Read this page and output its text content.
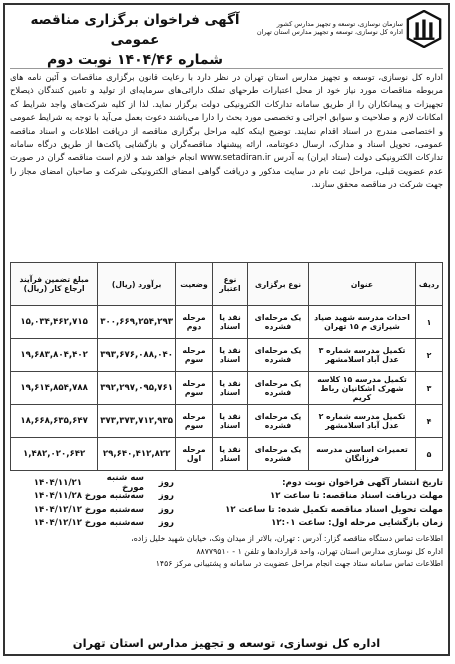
سازمان نوسازی، توسعه و تجهیز مدارس کشور
اداره کل نوسازی، توسعه و تجهیز مدارس استان تهران
آگهی فراخوان برگزاری مناقصه عمومی
شماره ۱۴۰۴/۴۶ نوبت دوم
اداره کل نوسازی، توسعه و تجهیز مدارس استان تهران در نظر دارد با رعایت قانون برگزاری مناقصات و آئین نامه های مربوطه مناقصات مورد نیاز خود از محل اعتبارات طرحهای تملک دارائی‌های سرمایه‌ای از تولید و تامین کنندگان ذیصلاح تجهیزات و پیمانکاران را از طریق سامانه تدارکات الکترونیکی دولت برگزار نماید. لذا از کلیه شرکت‌های واجد شرایط که امکانات لازم و صلاحیت و سوابق اجرائی و تخصصی مورد بحث را دارا می‌باشند دعوت بعمل می‌آید با توجه به شرایط عمومی و اختصاصی مندرج در اسناد اقدام نمایند. توضیح اینکه کلیه مراحل برگزاری مناقصه از دریافت اطلاعات و اسناد مناقصه عمومی، تحویل اسناد و مدارک، ارسال دعوتنامه، ارائه پیشنهاد مناقصه‌گران و بازگشایی پاکت‌ها از طریق درگاه سامانه تدارکات الکترونیکی دولت (ستاد ایران) به آدرس www.setadiran.ir انجام خواهد شد و لازم است مناقصه گران در صورت عدم عضویت قبلی، مراحل ثبت نام در سایت مذکور و دریافت گواهی امضای الکترونیکی شرکت و صاحبان امضای مجاز را جهت شرکت در مناقصه محقق سازند.
ردیف	عنوان	نوع برگزاری	نوع اعتبار	وضعیت	برآورد (ریال)	مبلغ تضمین فرآیند ارجاع کار (ریال)
۱	احداث مدرسه شهید صیاد شیرازی م ۱۵ تهران	یک مرحله‌ای فشرده	نقد یا اسناد	مرحله دوم	۳۰۰,۶۶۹,۲۵۴,۲۹۳	۱۵,۰۳۴,۴۶۲,۷۱۵
۲	تکمیل مدرسه شماره ۳ عدل آباد اسلامشهر	یک مرحله‌ای فشرده	نقد یا اسناد	مرحله سوم	۳۹۳,۶۷۶,۰۸۸,۰۴۰	۱۹,۶۸۳,۸۰۴,۴۰۲
۳	تکمیل مدرسه ۱۵ کلاسه شهرک اشکانیان رباط کریم	یک مرحله‌ای فشرده	نقد یا اسناد	مرحله سوم	۳۹۲,۲۹۷,۰۹۵,۷۶۱	۱۹,۶۱۴,۸۵۴,۷۸۸
۴	تکمیل مدرسه شماره ۲ عدل آباد اسلامشهر	یک مرحله‌ای فشرده	نقد یا اسناد	مرحله سوم	۳۷۳,۳۷۳,۷۱۲,۹۳۵	۱۸,۶۶۸,۶۳۵,۶۴۷
۵	تعمیرات اساسی مدرسه فرزانگان	یک مرحله‌ای فشرده	نقد یا اسناد	مرحله اول	۲۹,۶۴۰,۴۱۲,۸۲۲	۱,۴۸۲,۰۲۰,۶۴۲
تاریخ انتشار آگهی فراخوان نوبت دوم:
روز
سه شنبه مورخ
۱۴۰۴/۱۱/۲۱
مهلت دریافت اسناد مناقصه: تا ساعت ۱۲
روز
سه‌شنبه مورخ
۱۴۰۴/۱۱/۲۸
مهلت تحویل اسناد مناقصه تکمیل شده: تا ساعت ۱۲
روز
سه‌شنبه مورخ
۱۴۰۴/۱۲/۱۲
زمان بازگشایی مرحله اول: ساعت ۱۲:۰۱
روز
سه‌شنبه مورخ
۱۴۰۴/۱۲/۱۲
اطلاعات تماس دستگاه مناقصه گزار: آدرس : تهران، بالاتر از میدان ونک، خیابان شهید خلیل زاده،
اداره کل نوسازی مدارس استان تهران، واحد قراردادها و تلفن ۱ - ۸۸۷۷۹۵۱۰
اطلاعات تماس سامانه ستاد جهت انجام مراحل عضویت در سامانه و پشتیبانی مرکز ۱۴۵۶
اداره کل نوسازی، توسعه و تجهیز مدارس استان تهران
